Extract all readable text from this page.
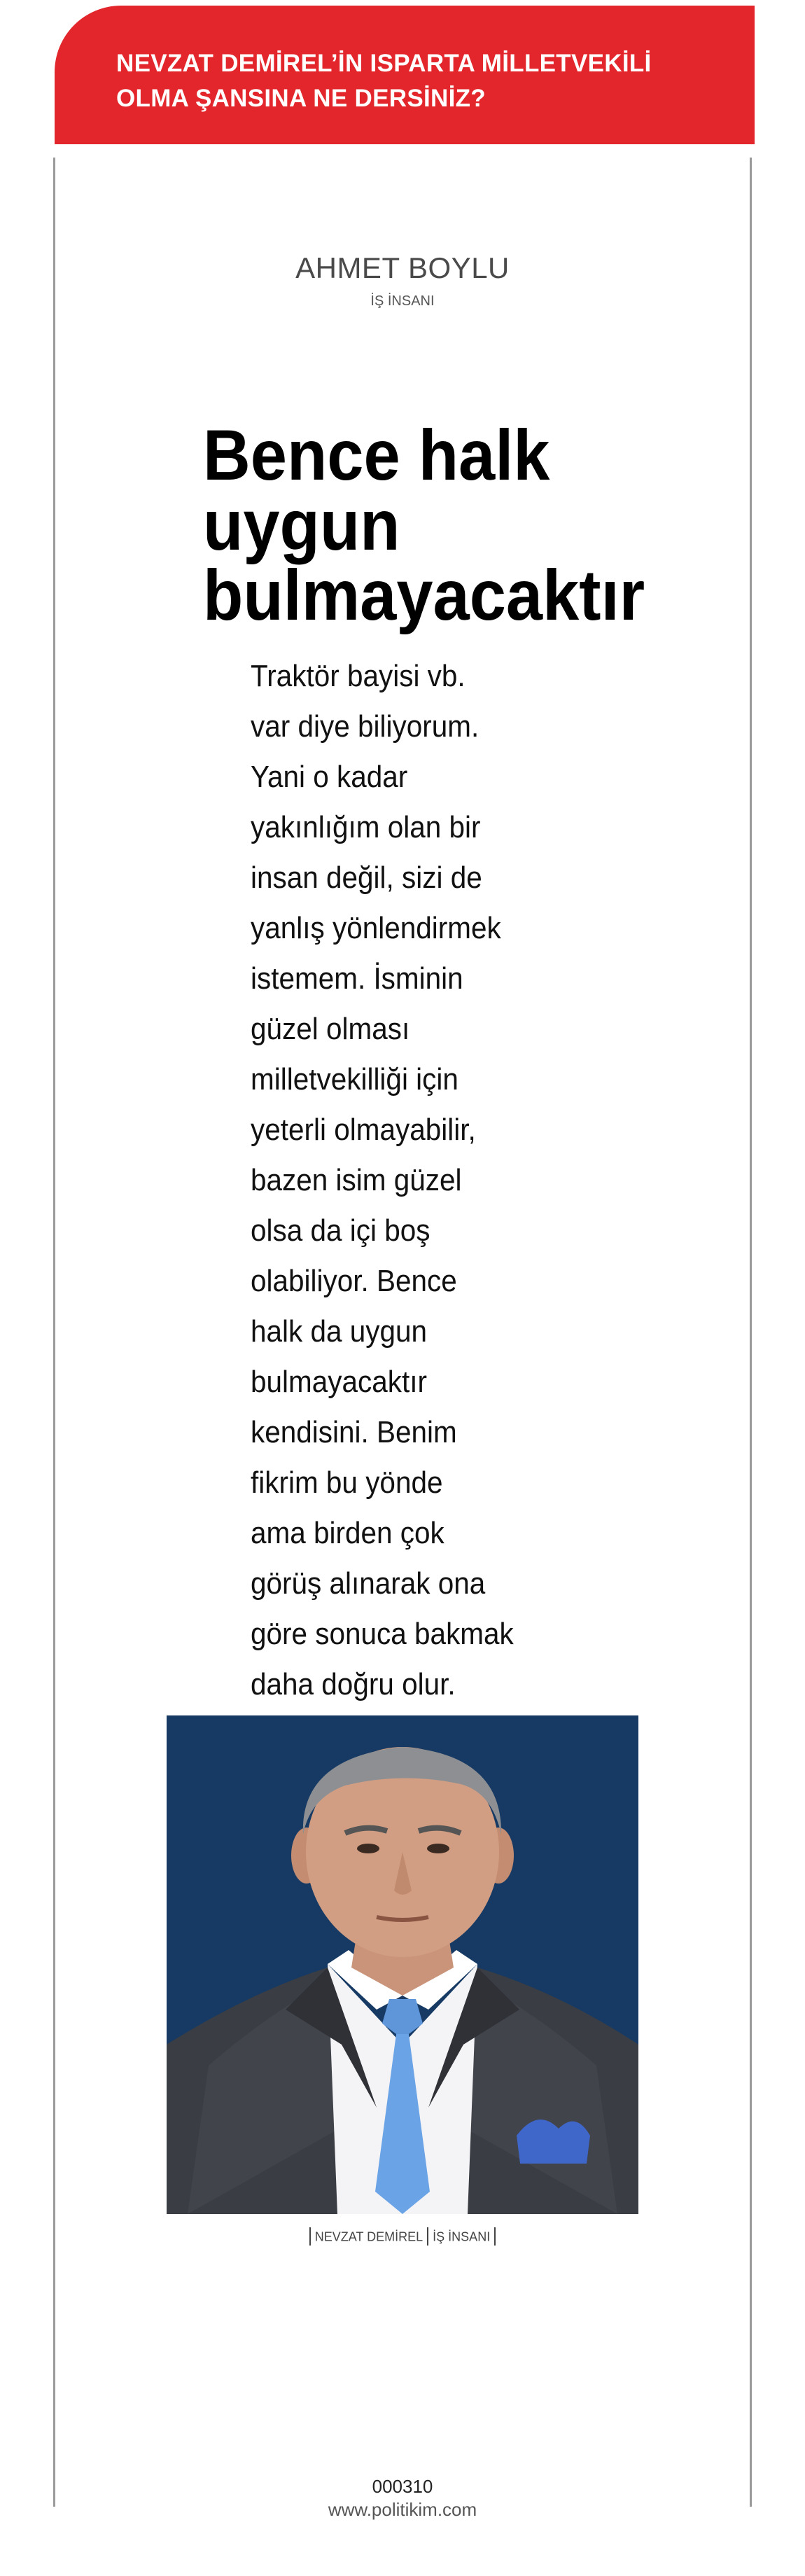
NEVZAT DEMİREL’İN ISPARTA MİLLETVEKİLİ OLMA ŞANSINA NE DERSİNİZ?
AHMET BOYLU
İŞ İNSANI
Bence halk uygun bulmayacaktır

Traktör bayisi vb.
var diye biliyorum.
Yani o kadar
yakınlığım olan bir
insan değil, sizi de
yanlış yönlendirmek
istemem. İsminin
güzel olması
milletvekilliği için
yeterli olmayabilir,
bazen isim güzel
olsa da içi boş
olabiliyor. Bence
halk da uygun
bulmayacaktır
kendisini. Benim
fikrim bu yönde
ama birden çok
görüş alınarak ona
göre sonuca bakmak
daha doğru olur.

NEVZAT DEMİREL İŞ İNSANI
000310
www.politikim.com
